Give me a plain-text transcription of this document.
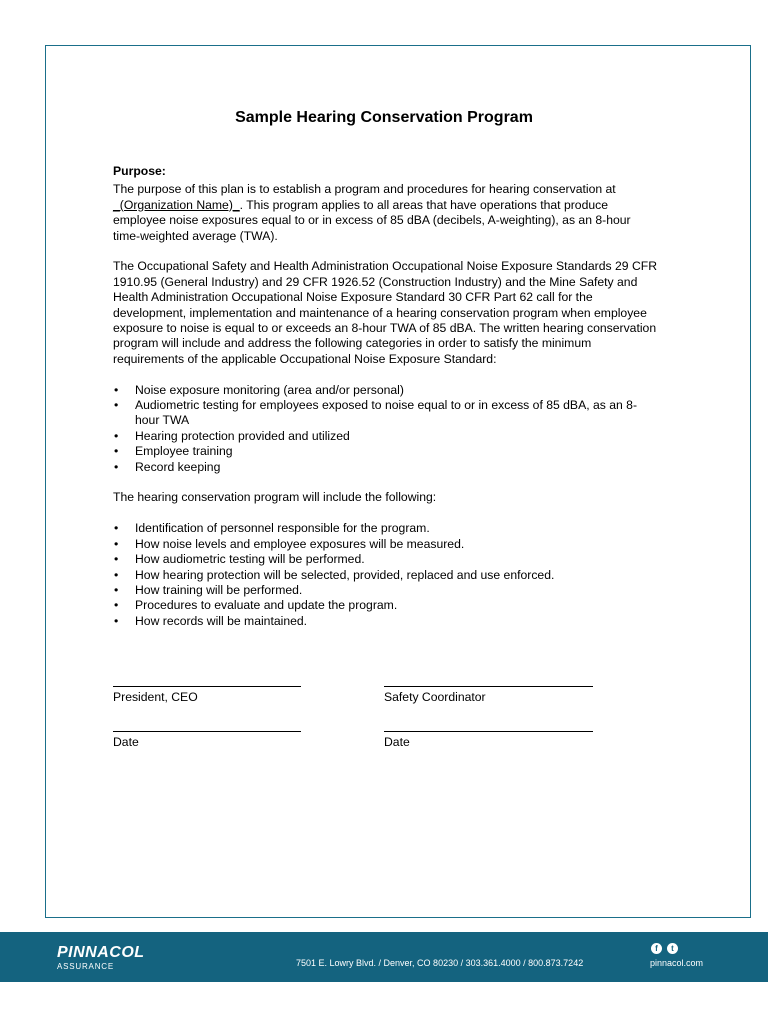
Sample Hearing Conservation Program

Purpose:

The purpose of this plan is to establish a program and procedures for hearing conservation at
_(Organization Name)_. This program applies to all areas that have operations that produce employee noise exposures equal to or in excess of 85 dBA (decibels, A-weighting), as an 8-hour time-weighted average (TWA).

The Occupational Safety and Health Administration Occupational Noise Exposure Standards 29 CFR 1910.95 (General Industry) and 29 CFR 1926.52 (Construction Industry) and the Mine Safety and Health Administration Occupational Noise Exposure Standard 30 CFR Part 62 call for the development, implementation and maintenance of a hearing conservation program when employee exposure to noise is equal to or exceeds an 8-hour TWA of 85 dBA. The written hearing conservation program will include and address the following categories in order to satisfy the minimum requirements of the applicable Occupational Noise Exposure Standard:

• Noise exposure monitoring (area and/or personal)
• Audiometric testing for employees exposed to noise equal to or in excess of 85 dBA, as an 8-hour TWA
• Hearing protection provided and utilized
• Employee training
• Record keeping

The hearing conservation program will include the following:

• Identification of personnel responsible for the program.
• How noise levels and employee exposures will be measured.
• How audiometric testing will be performed.
• How hearing protection will be selected, provided, replaced and use enforced.
• How training will be performed.
• Procedures to evaluate and update the program.
• How records will be maintained.
President, CEO	Safety Coordinator
Date	Date
PINNACOL
ASSURANCE	7501 E. Lowry Blvd. / Denver, CO 80230 / 303.361.4000 / 800.873.7242
f	t
pinnacol.com
